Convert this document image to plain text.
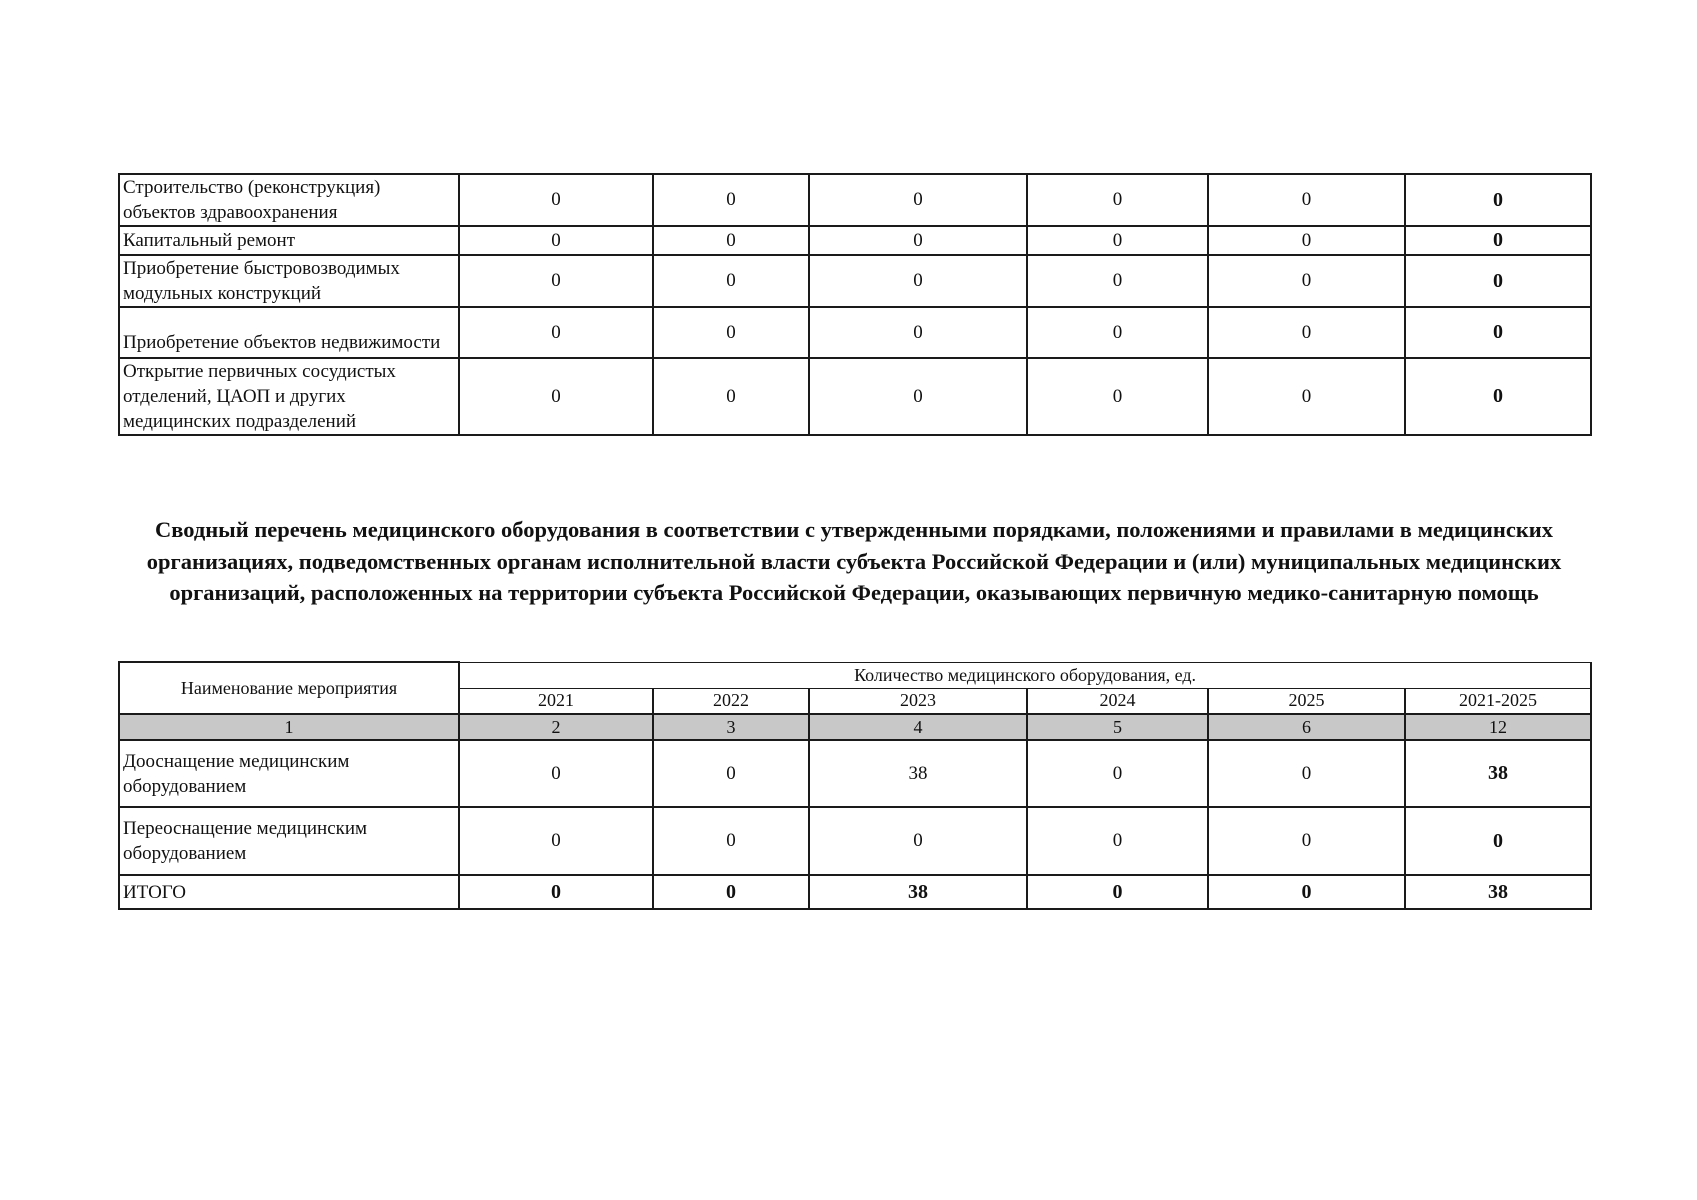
Строительство (реконструкция)
объектов здравоохранения	0	0	0	0	0	0
Капитальный ремонт	0	0	0	0	0	0
Приобретение быстровозводимых
модульных конструкций	0	0	0	0	0	0
Приобретение объектов недвижимости	0	0	0	0	0	0
Открытие первичных сосудистых
отделений, ЦАОП и других
медицинских подразделений	0	0	0	0	0	0
Сводный перечень медицинского оборудования в соответствии с утвержденными порядками, положениями и правилами в медицинских организациях, подведомственных органам исполнительной власти субъекта Российской Федерации и (или) муниципальных медицинских организаций, расположенных на территории субъекта Российской Федерации, оказывающих первичную медико-санитарную помощь
Наименование мероприятия	Количество медицинского оборудования, ед.					
	2021	2022	2023	2024	2025	2021-2025
1	2	3	4	5	6	12
Дооснащение медицинским
оборудованием	0	0	38	0	0	38
Переоснащение медицинским
оборудованием	0	0	0	0	0	0
ИТОГО	0	0	38	0	0	38
